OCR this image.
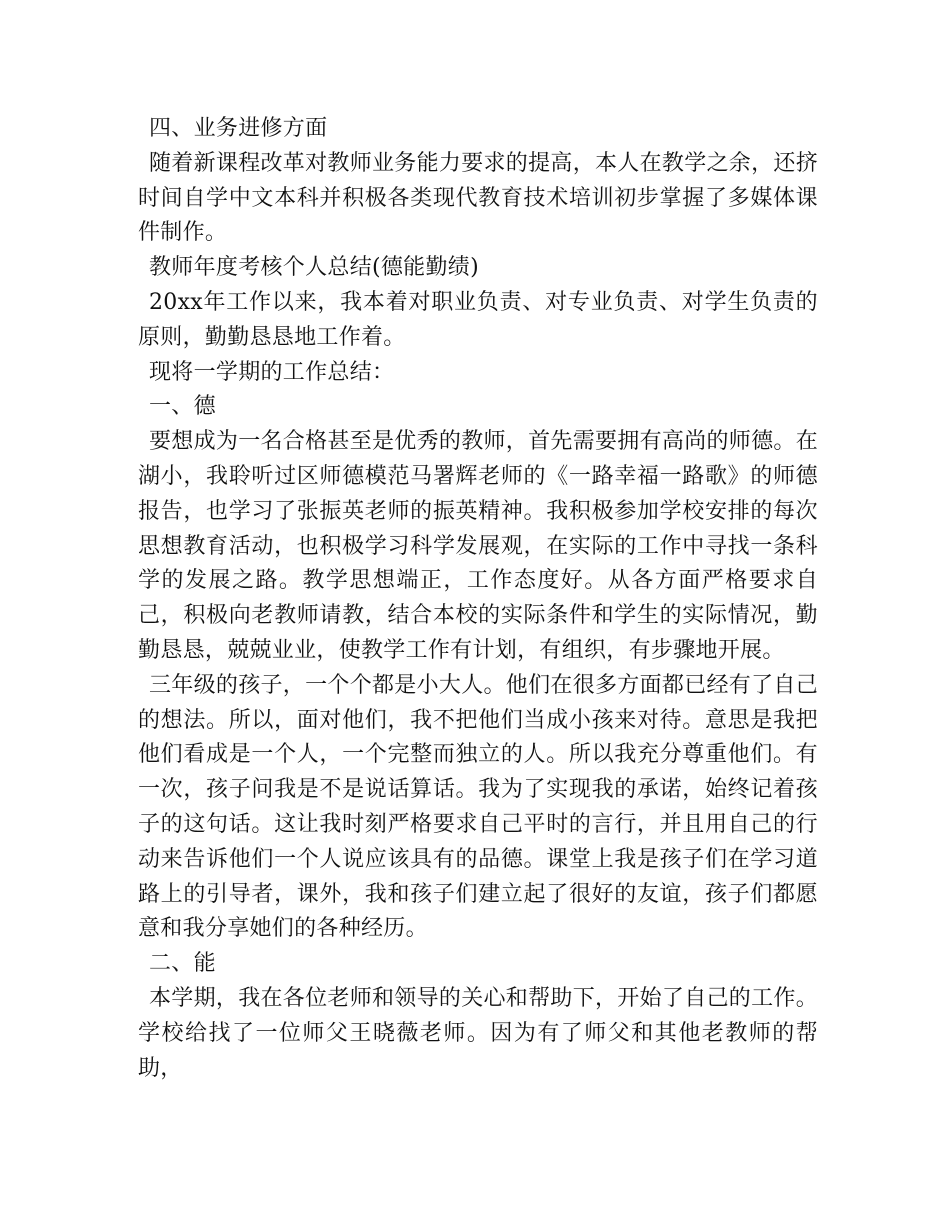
四、业务进修方面

随着新课程改革对教师业务能力要求的提高，本人在教学之余，还挤时间自学中文本科并积极各类现代教育技术培训初步掌握了多媒体课件制作。

教师年度考核个人总结(德能勤绩)

20xx年工作以来，我本着对职业负责、对专业负责、对学生负责的原则，勤勤恳恳地工作着。

现将一学期的工作总结：

一、德

要想成为一名合格甚至是优秀的教师，首先需要拥有高尚的师德。在湖小，我聆听过区师德模范马署辉老师的《一路幸福一路歌》的师德报告，也学习了张振英老师的振英精神。我积极参加学校安排的每次思想教育活动，也积极学习科学发展观，在实际的工作中寻找一条科学的发展之路。教学思想端正，工作态度好。从各方面严格要求自己，积极向老教师请教，结合本校的实际条件和学生的实际情况，勤勤恳恳，兢兢业业，使教学工作有计划，有组织，有步骤地开展。

三年级的孩子，一个个都是小大人。他们在很多方面都已经有了自己的想法。所以，面对他们，我不把他们当成小孩来对待。意思是我把他们看成是一个人，一个完整而独立的人。所以我充分尊重他们。有一次，孩子问我是不是说话算话。我为了实现我的承诺，始终记着孩子的这句话。这让我时刻严格要求自己平时的言行，并且用自己的行动来告诉他们一个人说应该具有的品德。课堂上我是孩子们在学习道路上的引导者，课外，我和孩子们建立起了很好的友谊，孩子们都愿意和我分享她们的各种经历。

二、能

本学期，我在各位老师和领导的关心和帮助下，开始了自己的工作。学校给找了一位师父王晓薇老师。因为有了师父和其他老教师的帮助，
